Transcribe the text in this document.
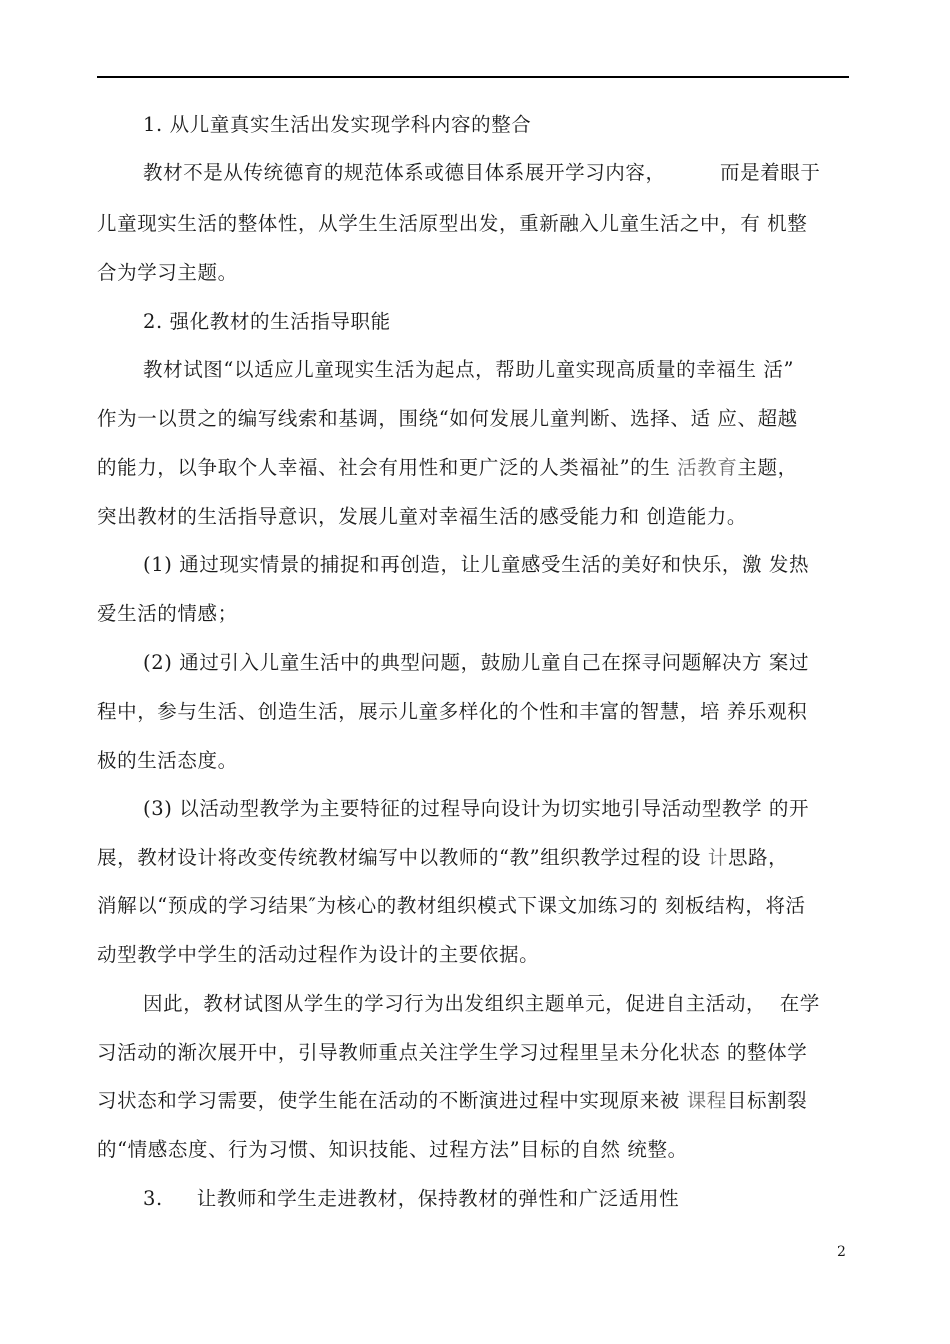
1. 从儿童真实生活出发实现学科内容的整合
教材不是从传统德育的规范体系或德目体系展开学习内容，        而是着眼于
儿童现实生活的整体性，从学生生活原型出发，重新融入儿童生活之中，有 机整
合为学习主题。
2. 强化教材的生活指导职能
教材试图“以适应儿童现实生活为起点，帮助儿童实现高质量的幸福生 活”
作为一以贯之的编写线索和基调，围绕“如何发展儿童判断、选择、适 应、超越
的能力，以争取个人幸福、社会有用性和更广泛的人类福祉”的生 活教育主题，
突出教材的生活指导意识，发展儿童对幸福生活的感受能力和 创造能力。
(1) 通过现实情景的捕捉和再创造，让儿童感受生活的美好和快乐，激 发热
爱生活的情感；
(2) 通过引入儿童生活中的典型问题，鼓励儿童自己在探寻问题解决方 案过
程中，参与生活、创造生活，展示儿童多样化的个性和丰富的智慧，培 养乐观积
极的生活态度。
(3) 以活动型教学为主要特征的过程导向设计为切实地引导活动型教学 的开
展，教材设计将改变传统教材编写中以教师的“教”组织教学过程的设 计思路，
消解以“预成的学习结果″为核心的教材组织模式下课文加练习的 刻板结构，将活
动型教学中学生的活动过程作为设计的主要依据。
因此，教材试图从学生的学习行为出发组织主题单元，促进自主活动，  在学
习活动的渐次展开中，引导教师重点关注学生学习过程里呈未分化状态 的整体学
习状态和学习需要，使学生能在活动的不断演进过程中实现原来被 课程目标割裂
的“情感态度、行为习惯、知识技能、过程方法”目标的自然 统整。
3.     让教师和学生走进教材，保持教材的弹性和广泛适用性
2
